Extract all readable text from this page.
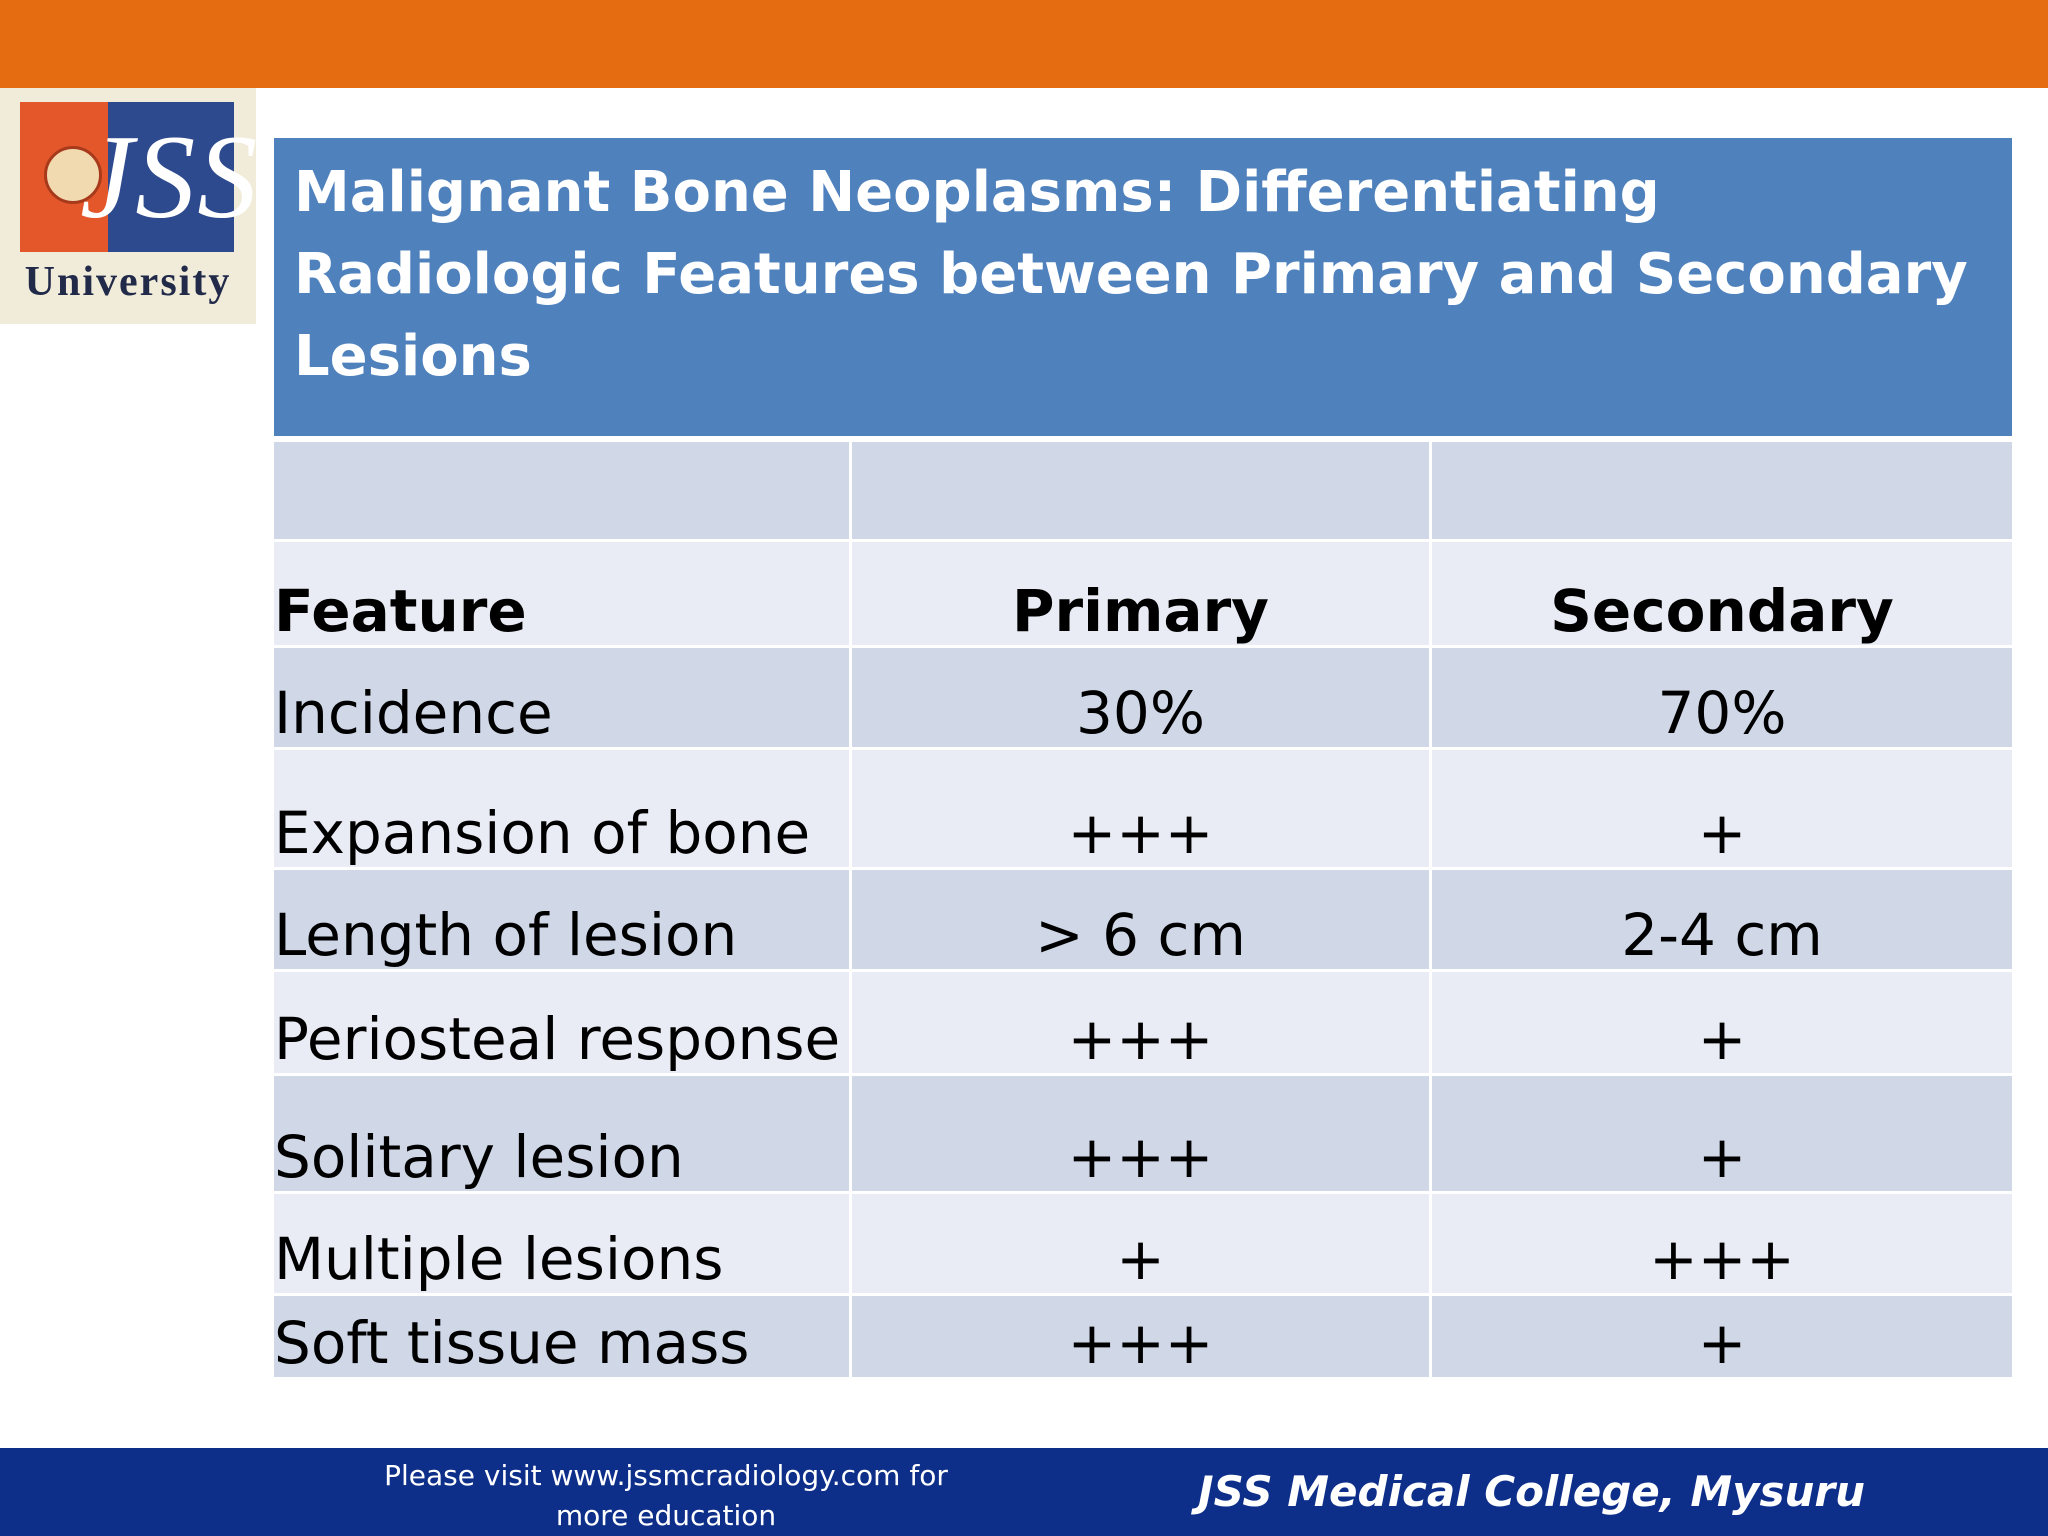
JSS
University
Malignant Bone Neoplasms: Differentiating Radiologic Features between Primary and Secondary Lesions
Feature	Primary	Secondary
Incidence	30%	70%
Expansion of bone	+++	+
Length of lesion	> 6 cm	2-4 cm
Periosteal response	+++	+
Solitary lesion	+++	+
Multiple lesions	+	+++
Soft tissue mass	+++	+
Please visit www.jssmcradiology.com for more education	JSS Medical College, Mysuru
